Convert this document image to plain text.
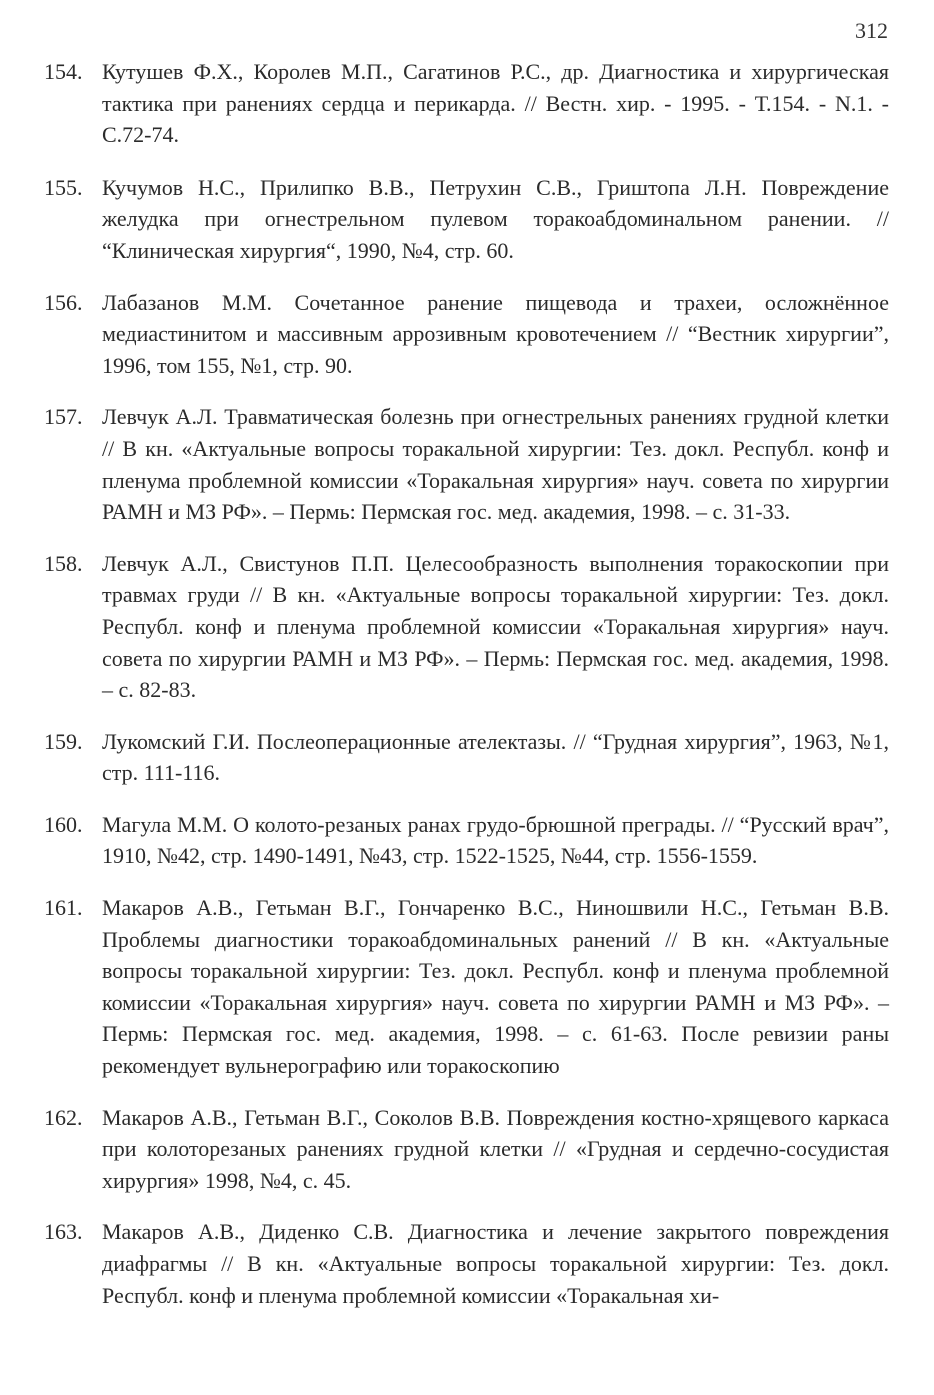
312
154. Кутушев Ф.Х., Королев М.П., Сагатинов Р.С., др. Диагностика и хирургическая тактика при ранениях сердца и перикарда. // Вестн. хир. - 1995. - Т.154. - N.1. - С.72-74.
155. Кучумов Н.С., Прилипко В.В., Петрухин С.В., Гриштопа Л.Н. Повреждение желудка при огнестрельном пулевом торакоабдоминальном ранении. // “Клиническая хирургия“, 1990, №4, стр. 60.
156. Лабазанов М.М. Сочетанное ранение пищевода и трахеи, осложнённое медиастинитом и массивным аррозивным кровотечением // “Вестник хирургии”, 1996, том 155, №1, стр. 90.
157. Левчук А.Л. Травматическая болезнь при огнестрельных ранениях грудной клетки // В кн. «Актуальные вопросы торакальной хирургии: Тез. докл. Республ. конф и пленума проблемной комиссии «Торакальная хирургия» науч. совета по хирургии РАМН и МЗ РФ». – Пермь: Пермская гос. мед. академия, 1998. – с. 31-33.
158. Левчук А.Л., Свистунов П.П. Целесообразность выполнения торакоскопии при травмах груди // В кн. «Актуальные вопросы торакальной хирургии: Тез. докл. Республ. конф и пленума проблемной комиссии «Торакальная хирургия» науч. совета по хирургии РАМН и МЗ РФ». – Пермь: Пермская гос. мед. академия, 1998. – с. 82-83.
159. Лукомский Г.И. Послеоперационные ателектазы. // “Грудная хирургия”, 1963, №1, стр. 111-116.
160. Магула М.М. О колото-резаных ранах грудо-брюшной преграды. // “Русский врач”, 1910, №42, стр. 1490-1491, №43, стр. 1522-1525, №44, стр. 1556-1559.
161. Макаров А.В., Гетьман В.Г., Гончаренко В.С., Ниношвили Н.С., Гетьман В.В. Проблемы диагностики торакоабдоминальных ранений // В кн. «Актуальные вопросы торакальной хирургии: Тез. докл. Республ. конф и пленума проблемной комиссии «Торакальная хирургия» науч. совета по хирургии РАМН и МЗ РФ». – Пермь: Пермская гос. мед. академия, 1998. – с. 61-63. После ревизии раны рекомендует вульнерографию или торакоскопию
162. Макаров А.В., Гетьман В.Г., Соколов В.В. Повреждения костно-хрящевого каркаса при колоторезаных ранениях грудной клетки // «Грудная и сердечно-сосудистая хирургия» 1998, №4, с. 45.
163. Макаров А.В., Диденко С.В. Диагностика и лечение закрытого повреждения диафрагмы // В кн. «Актуальные вопросы торакальной хирургии: Тез. докл. Республ. конф и пленума проблемной комиссии «Торакальная хи-
